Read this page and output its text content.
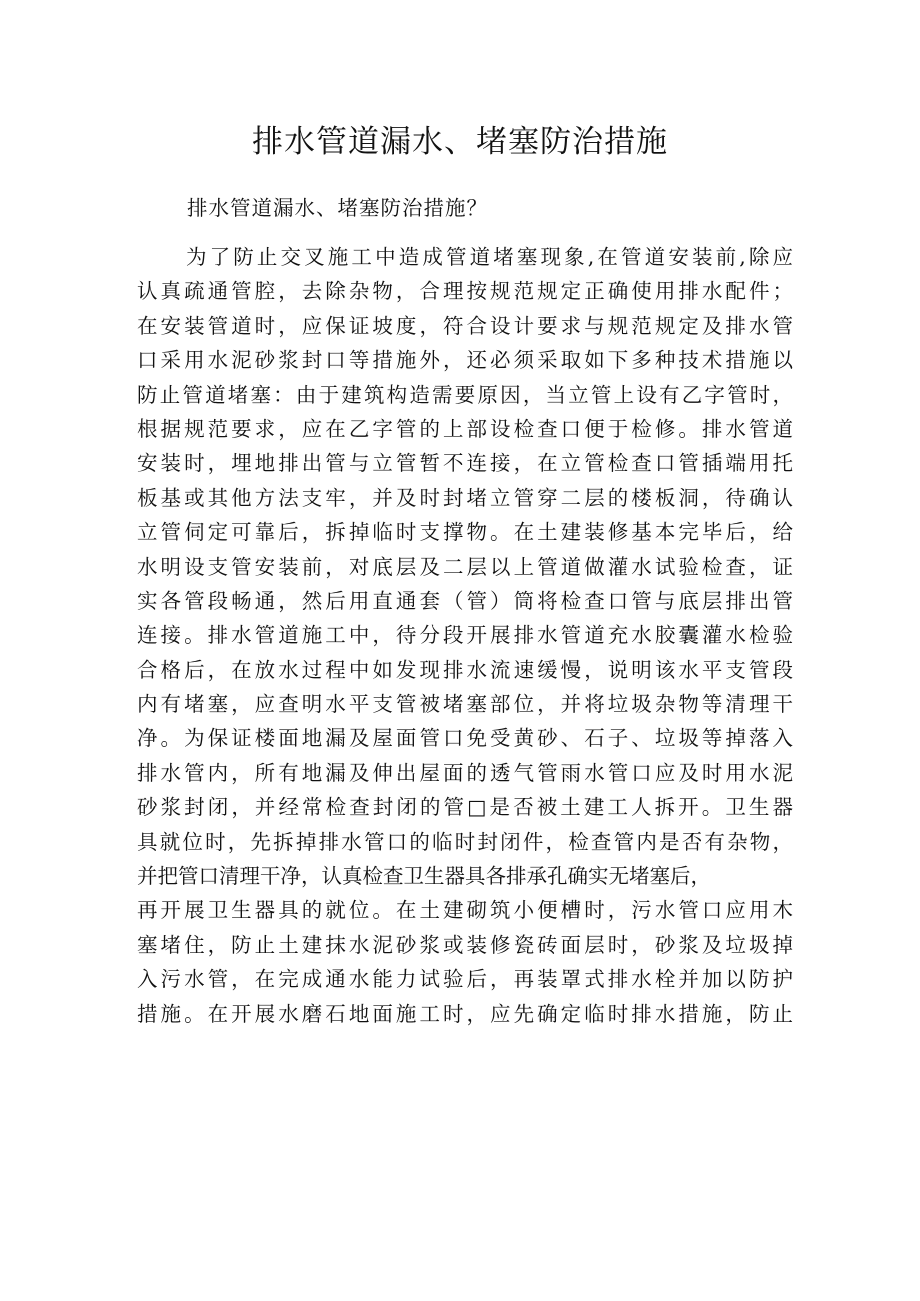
排水管道漏水、堵塞防治措施

排水管道漏水、堵塞防治措施？

为了防止交叉施工中造成管道堵塞现象,在管道安装前,除应
认真疏通管腔，去除杂物，合理按规范规定正确使用排水配件；
在安装管道时，应保证坡度，符合设计要求与规范规定及排水管
口采用水泥砂浆封口等措施外，还必须采取如下多种技术措施以
防止管道堵塞：由于建筑构造需要原因，当立管上设有乙字管时，
根据规范要求，应在乙字管的上部设检查口便于检修。排水管道
安装时，埋地排出管与立管暂不连接，在立管检查口管插端用托
板基或其他方法支牢，并及时封堵立管穿二层的楼板洞，待确认
立管伺定可靠后，拆掉临时支撑物。在土建装修基本完毕后，给
水明设支管安装前，对底层及二层以上管道做灌水试验检查，证
实各管段畅通，然后用直通套（管）筒将检查口管与底层排出管
连接。排水管道施工中，待分段开展排水管道充水胶囊灌水检验
合格后，在放水过程中如发现排水流速缓慢，说明该水平支管段
内有堵塞，应查明水平支管被堵塞部位，并将垃圾杂物等清理干
净。为保证楼面地漏及屋面管口免受黄砂、石子、垃圾等掉落入
排水管内，所有地漏及伸出屋面的透气管雨水管口应及时用水泥
砂浆封闭，并经常检查封闭的管□是否被土建工人拆开。卫生器
具就位时，先拆掉排水管口的临时封闭件，检查管内是否有杂物，
并把管口清理干净，认真检查卫生器具各排承孔确实无堵塞后，
再开展卫生器具的就位。在土建砌筑小便槽时，污水管口应用木
塞堵住，防止土建抹水泥砂浆或装修瓷砖面层时，砂浆及垃圾掉
入污水管，在完成通水能力试验后，再装罩式排水栓并加以防护
措施。在开展水磨石地面施工时，应先确定临时排水措施，防止
